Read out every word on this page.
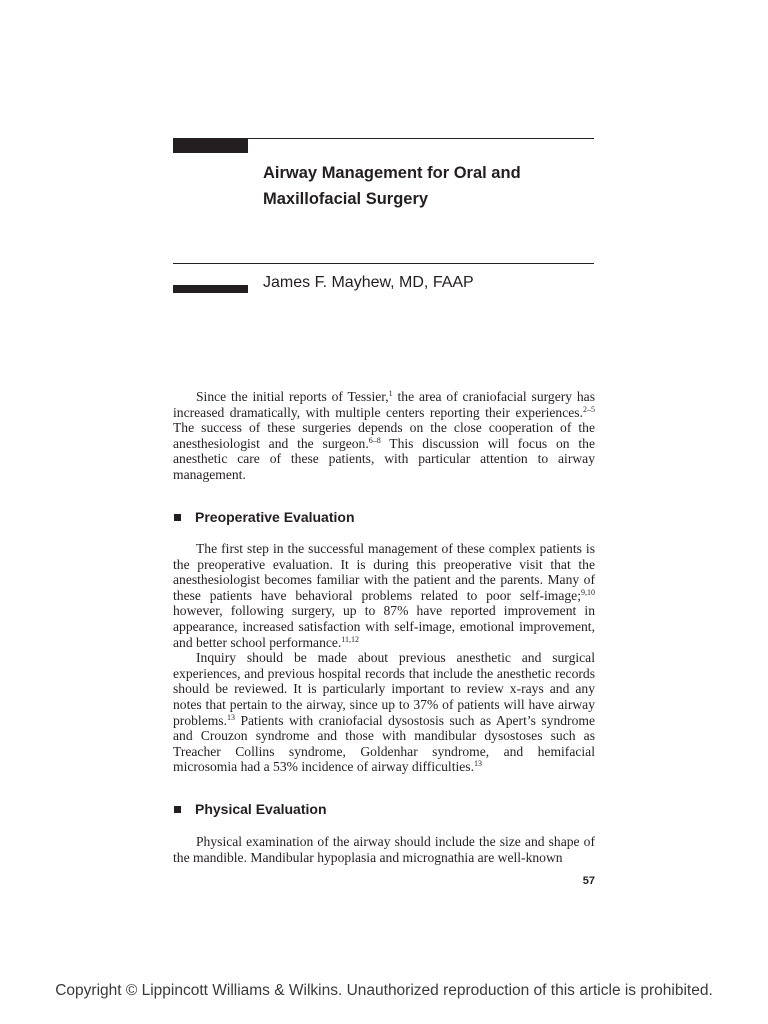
Airway Management for Oral and
Maxillofacial Surgery
James F. Mayhew, MD, FAAP

Since the initial reports of Tessier,$^1$ the area of craniofacial surgery has increased dramatically, with multiple centers reporting their experiences.$^{2-5}$ The success of these surgeries depends on the close cooperation of the anesthesiologist and the surgeon.$^{6-8}$ This discussion will focus on the anesthetic care of these patients, with particular attention to airway management.

Preoperative Evaluation

The first step in the successful management of these complex patients is the preoperative evaluation. It is during this preoperative visit that the anesthesiologist becomes familiar with the patient and the parents. Many of these patients have behavioral problems related to poor self-image;$^{9,10}$ however, following surgery, up to 87% have reported improvement in appearance, increased satisfaction with self-image, emotional improvement, and better school performance.$^{11,12}$

Inquiry should be made about previous anesthetic and surgical experiences, and previous hospital records that include the anesthetic records should be reviewed. It is particularly important to review x-rays and any notes that pertain to the airway, since up to 37% of patients will have airway problems.$^{13}$ Patients with craniofacial dysostosis such as Apert’s syndrome and Crouzon syndrome and those with mandibular dysostoses such as Treacher Collins syndrome, Goldenhar syndrome, and hemifacial microsomia had a 53% incidence of airway difficulties.$^{13}$

Physical Evaluation

Physical examination of the airway should include the size and shape of the mandible. Mandibular hypoplasia and micrognathia are well-known

57
Copyright © Lippincott Williams & Wilkins. Unauthorized reproduction of this article is prohibited.
